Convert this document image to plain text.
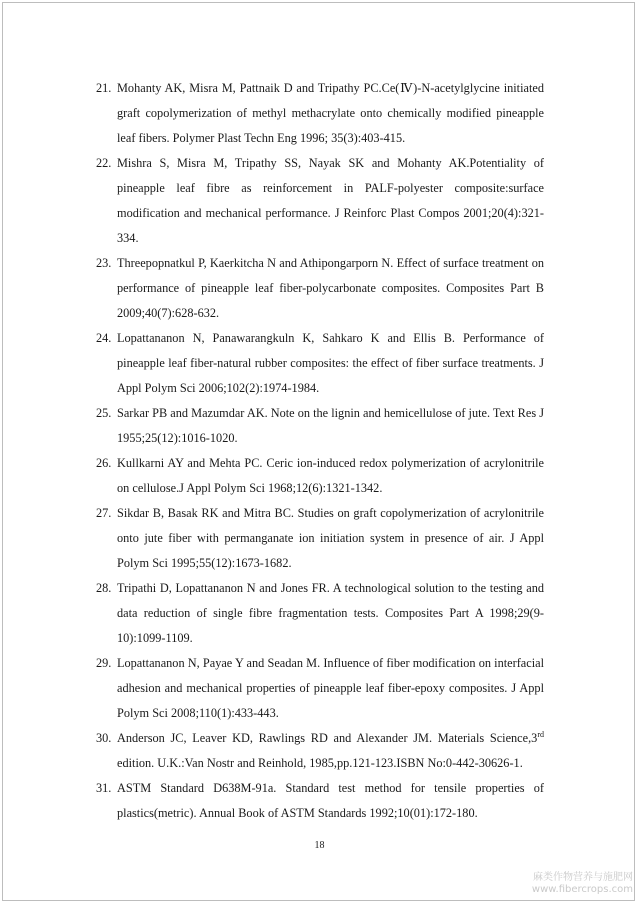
21. Mohanty AK, Misra M, Pattnaik D and Tripathy PC.Ce(Ⅳ)-N-acetylglycine initiated graft copolymerization of methyl methacrylate onto chemically modified pineapple leaf fibers. Polymer Plast Techn Eng 1996; 35(3):403-415.
22. Mishra S, Misra M, Tripathy SS, Nayak SK and Mohanty AK.Potentiality of pineapple leaf fibre as reinforcement in PALF-polyester composite:surface modification and mechanical performance. J Reinforc Plast Compos 2001;20(4):321-334.
23. Threepopnatkul P, Kaerkitcha N and Athipongarporn N. Effect of surface treatment on performance of pineapple leaf fiber-polycarbonate composites. Composites Part B 2009;40(7):628-632.
24. Lopattananon N, Panawarangkuln K, Sahkaro K and Ellis B. Performance of pineapple leaf fiber-natural rubber composites: the effect of fiber surface treatments. J Appl Polym Sci 2006;102(2):1974-1984.
25. Sarkar PB and Mazumdar AK. Note on the lignin and hemicellulose of jute. Text Res J 1955;25(12):1016-1020.
26. Kullkarni AY and Mehta PC. Ceric ion-induced redox polymerization of acrylonitrile on cellulose.J Appl Polym Sci 1968;12(6):1321-1342.
27. Sikdar B, Basak RK and Mitra BC. Studies on graft copolymerization of acrylonitrile onto jute fiber with permanganate ion initiation system in presence of air. J Appl Polym Sci 1995;55(12):1673-1682.
28. Tripathi D, Lopattananon N and Jones FR. A technological solution to the testing and data reduction of single fibre fragmentation tests. Composites Part A 1998;29(9-10):1099-1109.
29. Lopattananon N, Payae Y and Seadan M. Influence of fiber modification on interfacial adhesion and mechanical properties of pineapple leaf fiber-epoxy composites. J Appl Polym Sci 2008;110(1):433-443.
30. Anderson JC, Leaver KD, Rawlings RD and Alexander JM. Materials Science,3rd edition. U.K.:Van Nostr and Reinhold, 1985,pp.121-123.ISBN No:0-442-30626-1.
31. ASTM Standard D638M-91a. Standard test method for tensile properties of plastics(metric). Annual Book of ASTM Standards 1992;10(01):172-180.
18
麻类作物营养与施肥网
www.fibercrops.com
